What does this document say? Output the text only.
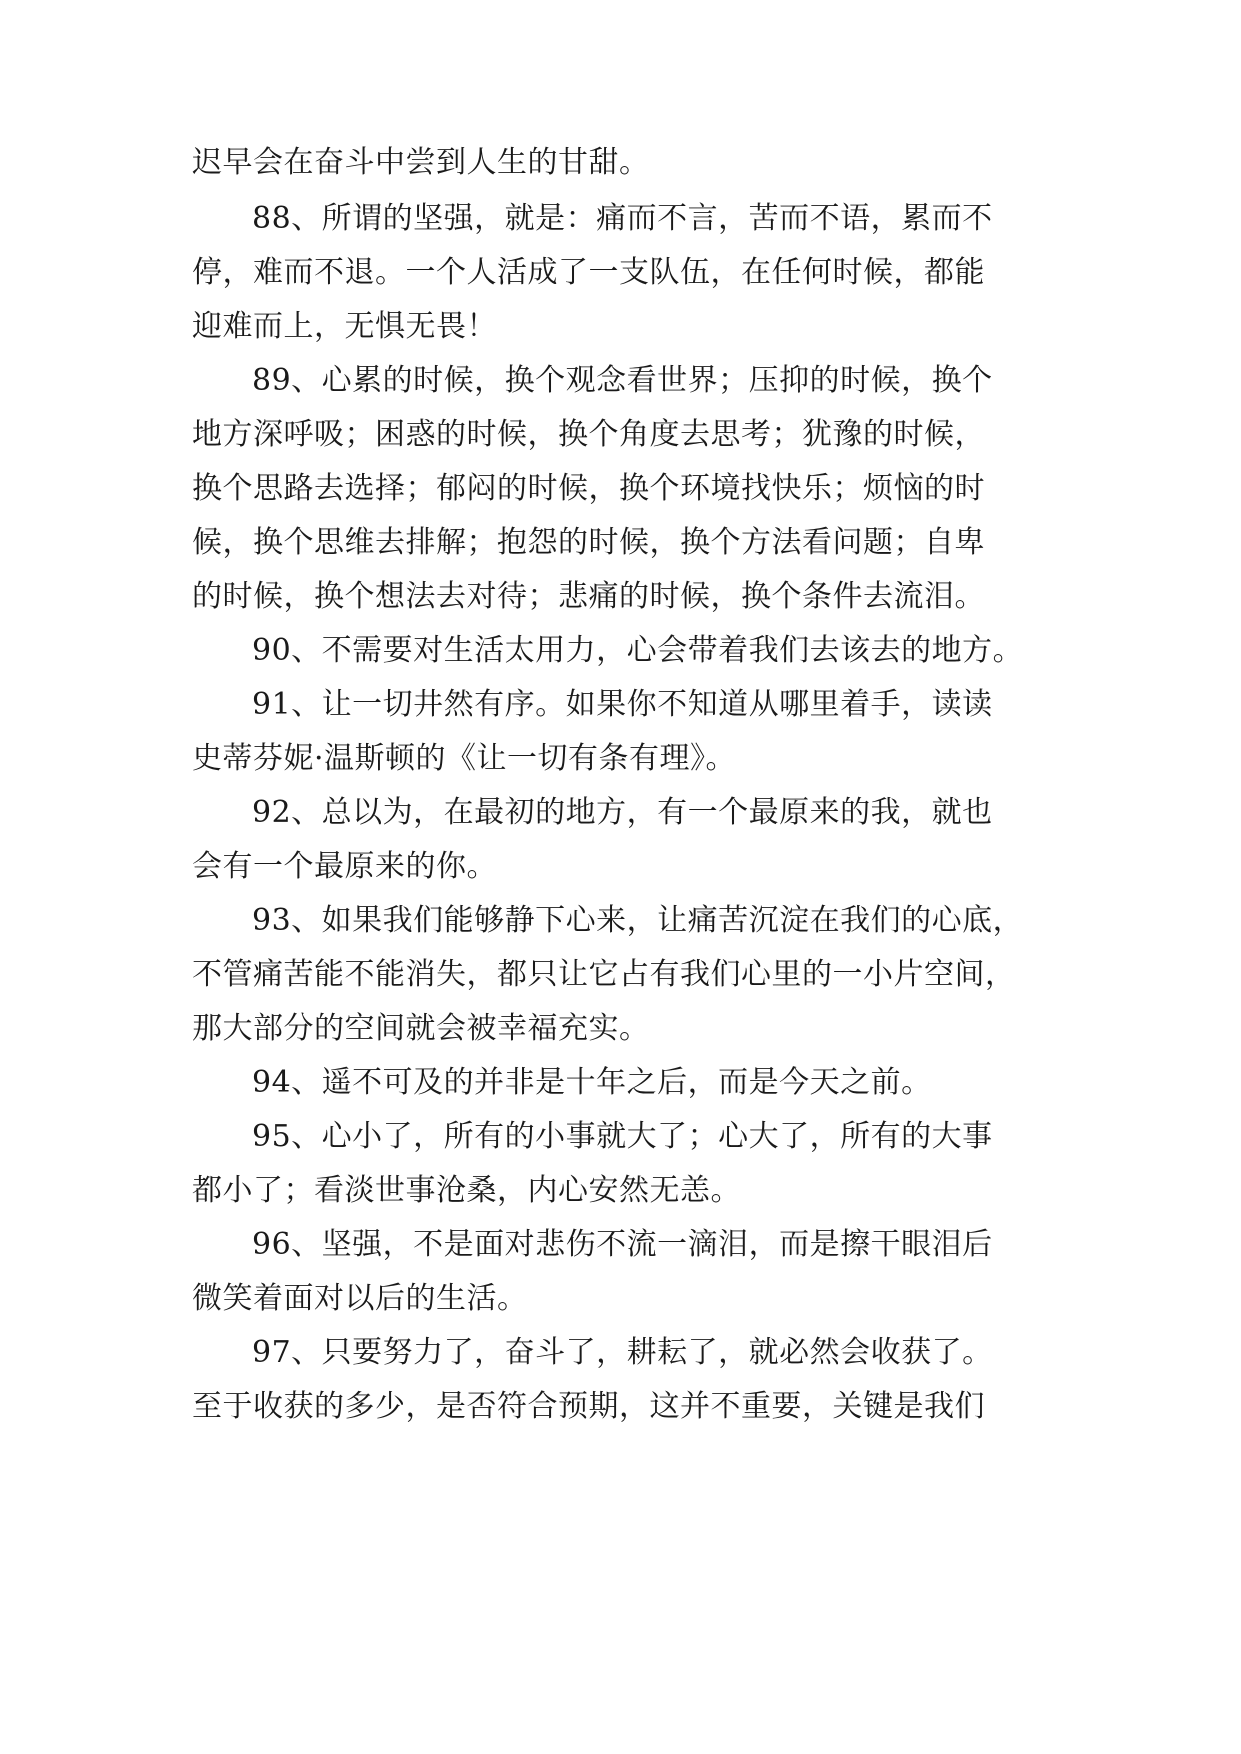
迟早会在奋斗中尝到人生的甘甜。
88、所谓的坚强，就是：痛而不言，苦而不语，累而不
停，难而不退。一个人活成了一支队伍，在任何时候，都能
迎难而上，无惧无畏！
89、心累的时候，换个观念看世界；压抑的时候，换个
地方深呼吸；困惑的时候，换个角度去思考；犹豫的时候，
换个思路去选择；郁闷的时候，换个环境找快乐；烦恼的时
候，换个思维去排解；抱怨的时候，换个方法看问题；自卑
的时候，换个想法去对待；悲痛的时候，换个条件去流泪。
90、不需要对生活太用力，心会带着我们去该去的地方。
91、让一切井然有序。如果你不知道从哪里着手，读读
史蒂芬妮·温斯顿的《让一切有条有理》。
92、总以为，在最初的地方，有一个最原来的我，就也
会有一个最原来的你。
93、如果我们能够静下心来，让痛苦沉淀在我们的心底，
不管痛苦能不能消失，都只让它占有我们心里的一小片空间，
那大部分的空间就会被幸福充实。
94、遥不可及的并非是十年之后，而是今天之前。
95、心小了，所有的小事就大了；心大了，所有的大事
都小了；看淡世事沧桑，内心安然无恙。
96、坚强，不是面对悲伤不流一滴泪，而是擦干眼泪后
微笑着面对以后的生活。
97、只要努力了，奋斗了，耕耘了，就必然会收获了。
至于收获的多少，是否符合预期，这并不重要，关键是我们
